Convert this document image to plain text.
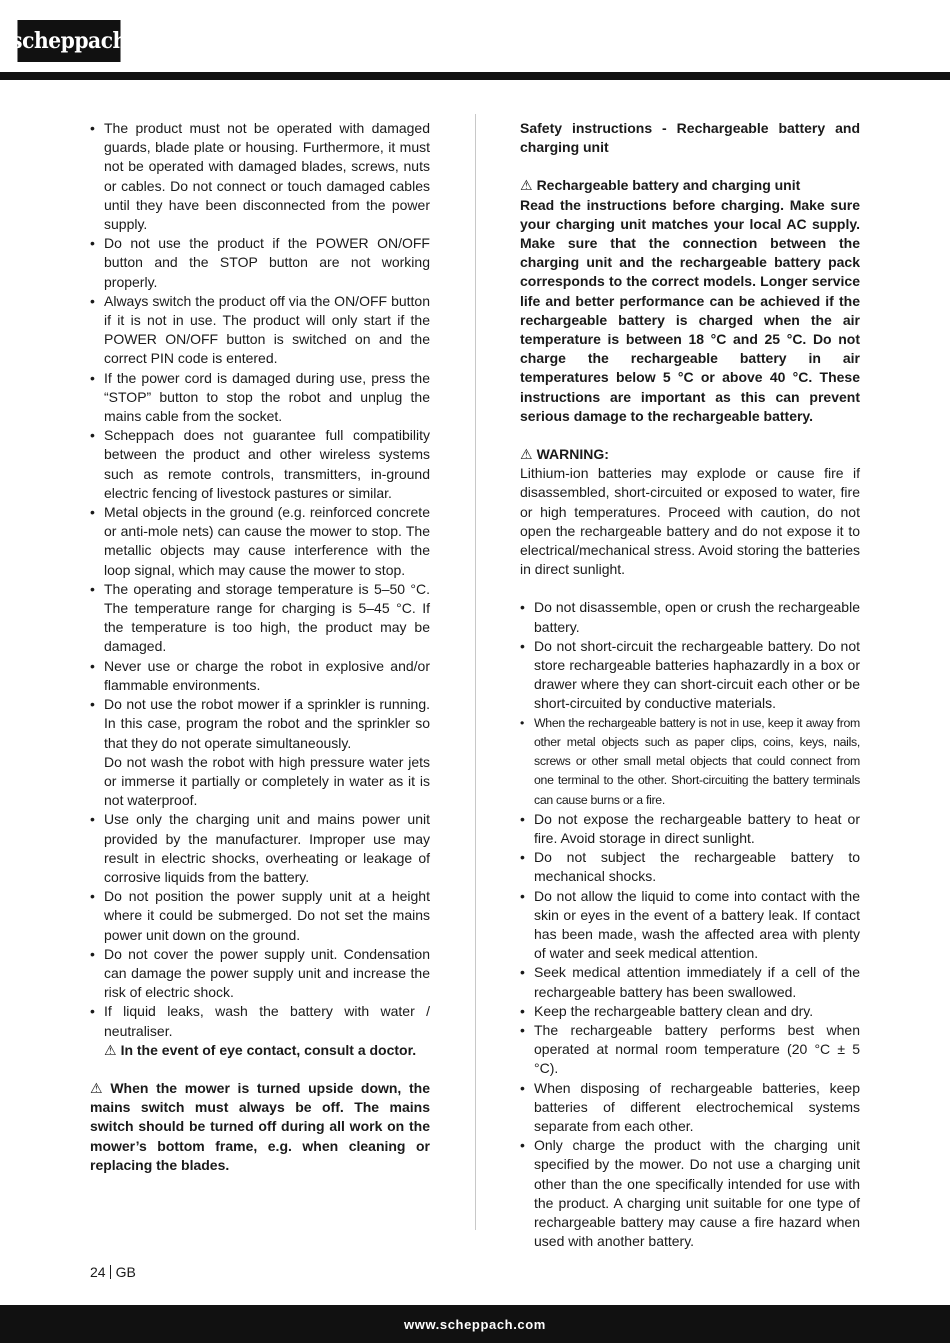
scheppach
• The product must not be operated with damaged guards, blade plate or housing. Furthermore, it must not be operated with damaged blades, screws, nuts or cables. Do not connect or touch damaged cables until they have been disconnected from the power supply.
• Do not use the product if the POWER ON/OFF button and the STOP button are not working properly.
• Always switch the product off via the ON/OFF button if it is not in use. The product will only start if the POWER ON/OFF button is switched on and the correct PIN code is entered.
• If the power cord is damaged during use, press the “STOP” button to stop the robot and unplug the mains cable from the socket.
• Scheppach does not guarantee full compatibility between the product and other wireless systems such as remote controls, transmitters, in-ground electric fencing of livestock pastures or similar.
• Metal objects in the ground (e.g. reinforced concrete or anti-mole nets) can cause the mower to stop. The metallic objects may cause interference with the loop signal, which may cause the mower to stop.
• The operating and storage temperature is 5–50 °C. The temperature range for charging is 5–45 °C. If the temperature is too high, the product may be damaged.
• Never use or charge the robot in explosive and/or flammable environments.
• Do not use the robot mower if a sprinkler is running. In this case, program the robot and the sprinkler so that they do not operate simultaneously.
Do not wash the robot with high pressure water jets or immerse it partially or completely in water as it is not waterproof.
• Use only the charging unit and mains power unit provided by the manufacturer. Improper use may result in electric shocks, overheating or leakage of corrosive liquids from the battery.
• Do not position the power supply unit at a height where it could be submerged. Do not set the mains power unit down on the ground.
• Do not cover the power supply unit. Condensation can damage the power supply unit and increase the risk of electric shock.
• If liquid leaks, wash the battery with water / neutraliser.
⚠ In the event of eye contact, consult a doctor.
⚠ When the mower is turned upside down, the mains switch must always be off. The mains switch should be turned off during all work on the mower’s bottom frame, e.g. when cleaning or replacing the blades.
Safety instructions - Rechargeable battery and charging unit
⚠ Rechargeable battery and charging unit
Read the instructions before charging. Make sure your charging unit matches your local AC supply. Make sure that the connection between the charging unit and the rechargeable battery pack corresponds to the correct models. Longer service life and better performance can be achieved if the rechargeable battery is charged when the air temperature is between 18 °C and 25 °C. Do not charge the rechargeable battery in air temperatures below 5 °C or above 40 °C. These instructions are important as this can prevent serious damage to the rechargeable battery.
⚠ WARNING:
Lithium-ion batteries may explode or cause fire if disassembled, short-circuited or exposed to water, fire or high temperatures. Proceed with caution, do not open the rechargeable battery and do not expose it to electrical/mechanical stress. Avoid storing the batteries in direct sunlight.
• Do not disassemble, open or crush the rechargeable battery.
• Do not short-circuit the rechargeable battery. Do not store rechargeable batteries haphazardly in a box or drawer where they can short-circuit each other or be short-circuited by conductive materials.
• When the rechargeable battery is not in use, keep it away from other metal objects such as paper clips, coins, keys, nails, screws or other small metal objects that could connect from one terminal to the other. Short-circuiting the battery terminals can cause burns or a fire.
• Do not expose the rechargeable battery to heat or fire. Avoid storage in direct sunlight.
• Do not subject the rechargeable battery to mechanical shocks.
• Do not allow the liquid to come into contact with the skin or eyes in the event of a battery leak. If contact has been made, wash the affected area with plenty of water and seek medical attention.
• Seek medical attention immediately if a cell of the rechargeable battery has been swallowed.
• Keep the rechargeable battery clean and dry.
• The rechargeable battery performs best when operated at normal room temperature (20 °C ± 5 °C).
• When disposing of rechargeable batteries, keep batteries of different electrochemical systems separate from each other.
• Only charge the product with the charging unit specified by the mower. Do not use a charging unit other than the one specifically intended for use with the product. A charging unit suitable for one type of rechargeable battery may cause a fire hazard when used with another battery.
24 GB
www.scheppach.com
